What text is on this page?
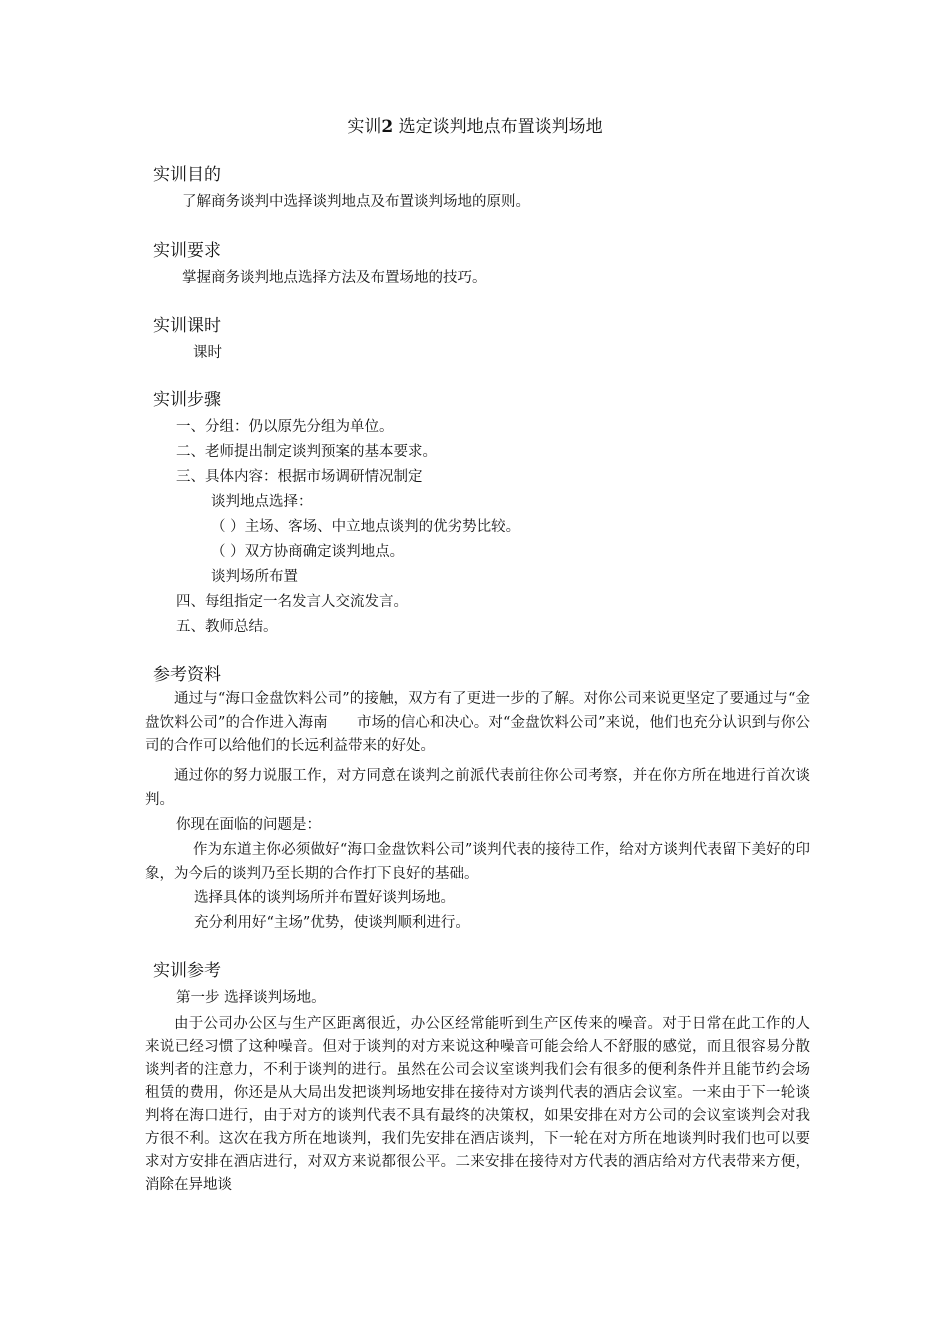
实训2 选定谈判地点布置谈判场地
实训目的
了解商务谈判中选择谈判地点及布置谈判场地的原则。
实训要求
掌握商务谈判地点选择方法及布置场地的技巧。
实训课时
课时
实训步骤
一、分组：仍以原先分组为单位。
二、老师提出制定谈判预案的基本要求。
三、具体内容：根据市场调研情况制定
谈判地点选择：
（ ）主场、客场、中立地点谈判的优劣势比较。
（ ）双方协商确定谈判地点。
谈判场所布置
四、每组指定一名发言人交流发言。
五、教师总结。
参考资料
通过与“海口金盘饮料公司”的接触，双方有了更进一步的了解。对你公司来说更坚定了要通过与“金盘饮料公司”的合作进入海南　　市场的信心和决心。对“金盘饮料公司”来说，他们也充分认识到与你公司的合作可以给他们的长远利益带来的好处。
通过你的努力说服工作，对方同意在谈判之前派代表前往你公司考察，并在你方所在地进行首次谈判。
你现在面临的问题是：
作为东道主你必须做好“海口金盘饮料公司”谈判代表的接待工作，给对方谈判代表留下美好的印象，为今后的谈判乃至长期的合作打下良好的基础。
选择具体的谈判场所并布置好谈判场地。
充分利用好“主场”优势，使谈判顺利进行。
实训参考
第一步 选择谈判场地。
由于公司办公区与生产区距离很近，办公区经常能听到生产区传来的噪音。对于日常在此工作的人来说已经习惯了这种噪音。但对于谈判的对方来说这种噪音可能会给人不舒服的感觉，而且很容易分散谈判者的注意力，不利于谈判的进行。虽然在公司会议室谈判我们会有很多的便利条件并且能节约会场租赁的费用，你还是从大局出发把谈判场地安排在接待对方谈判代表的酒店会议室。一来由于下一轮谈判将在海口进行，由于对方的谈判代表不具有最终的决策权，如果安排在对方公司的会议室谈判会对我方很不利。这次在我方所在地谈判，我们先安排在酒店谈判，下一轮在对方所在地谈判时我们也可以要求对方安排在酒店进行，对双方来说都很公平。二来安排在接待对方代表的酒店给对方代表带来方便，消除在异地谈
